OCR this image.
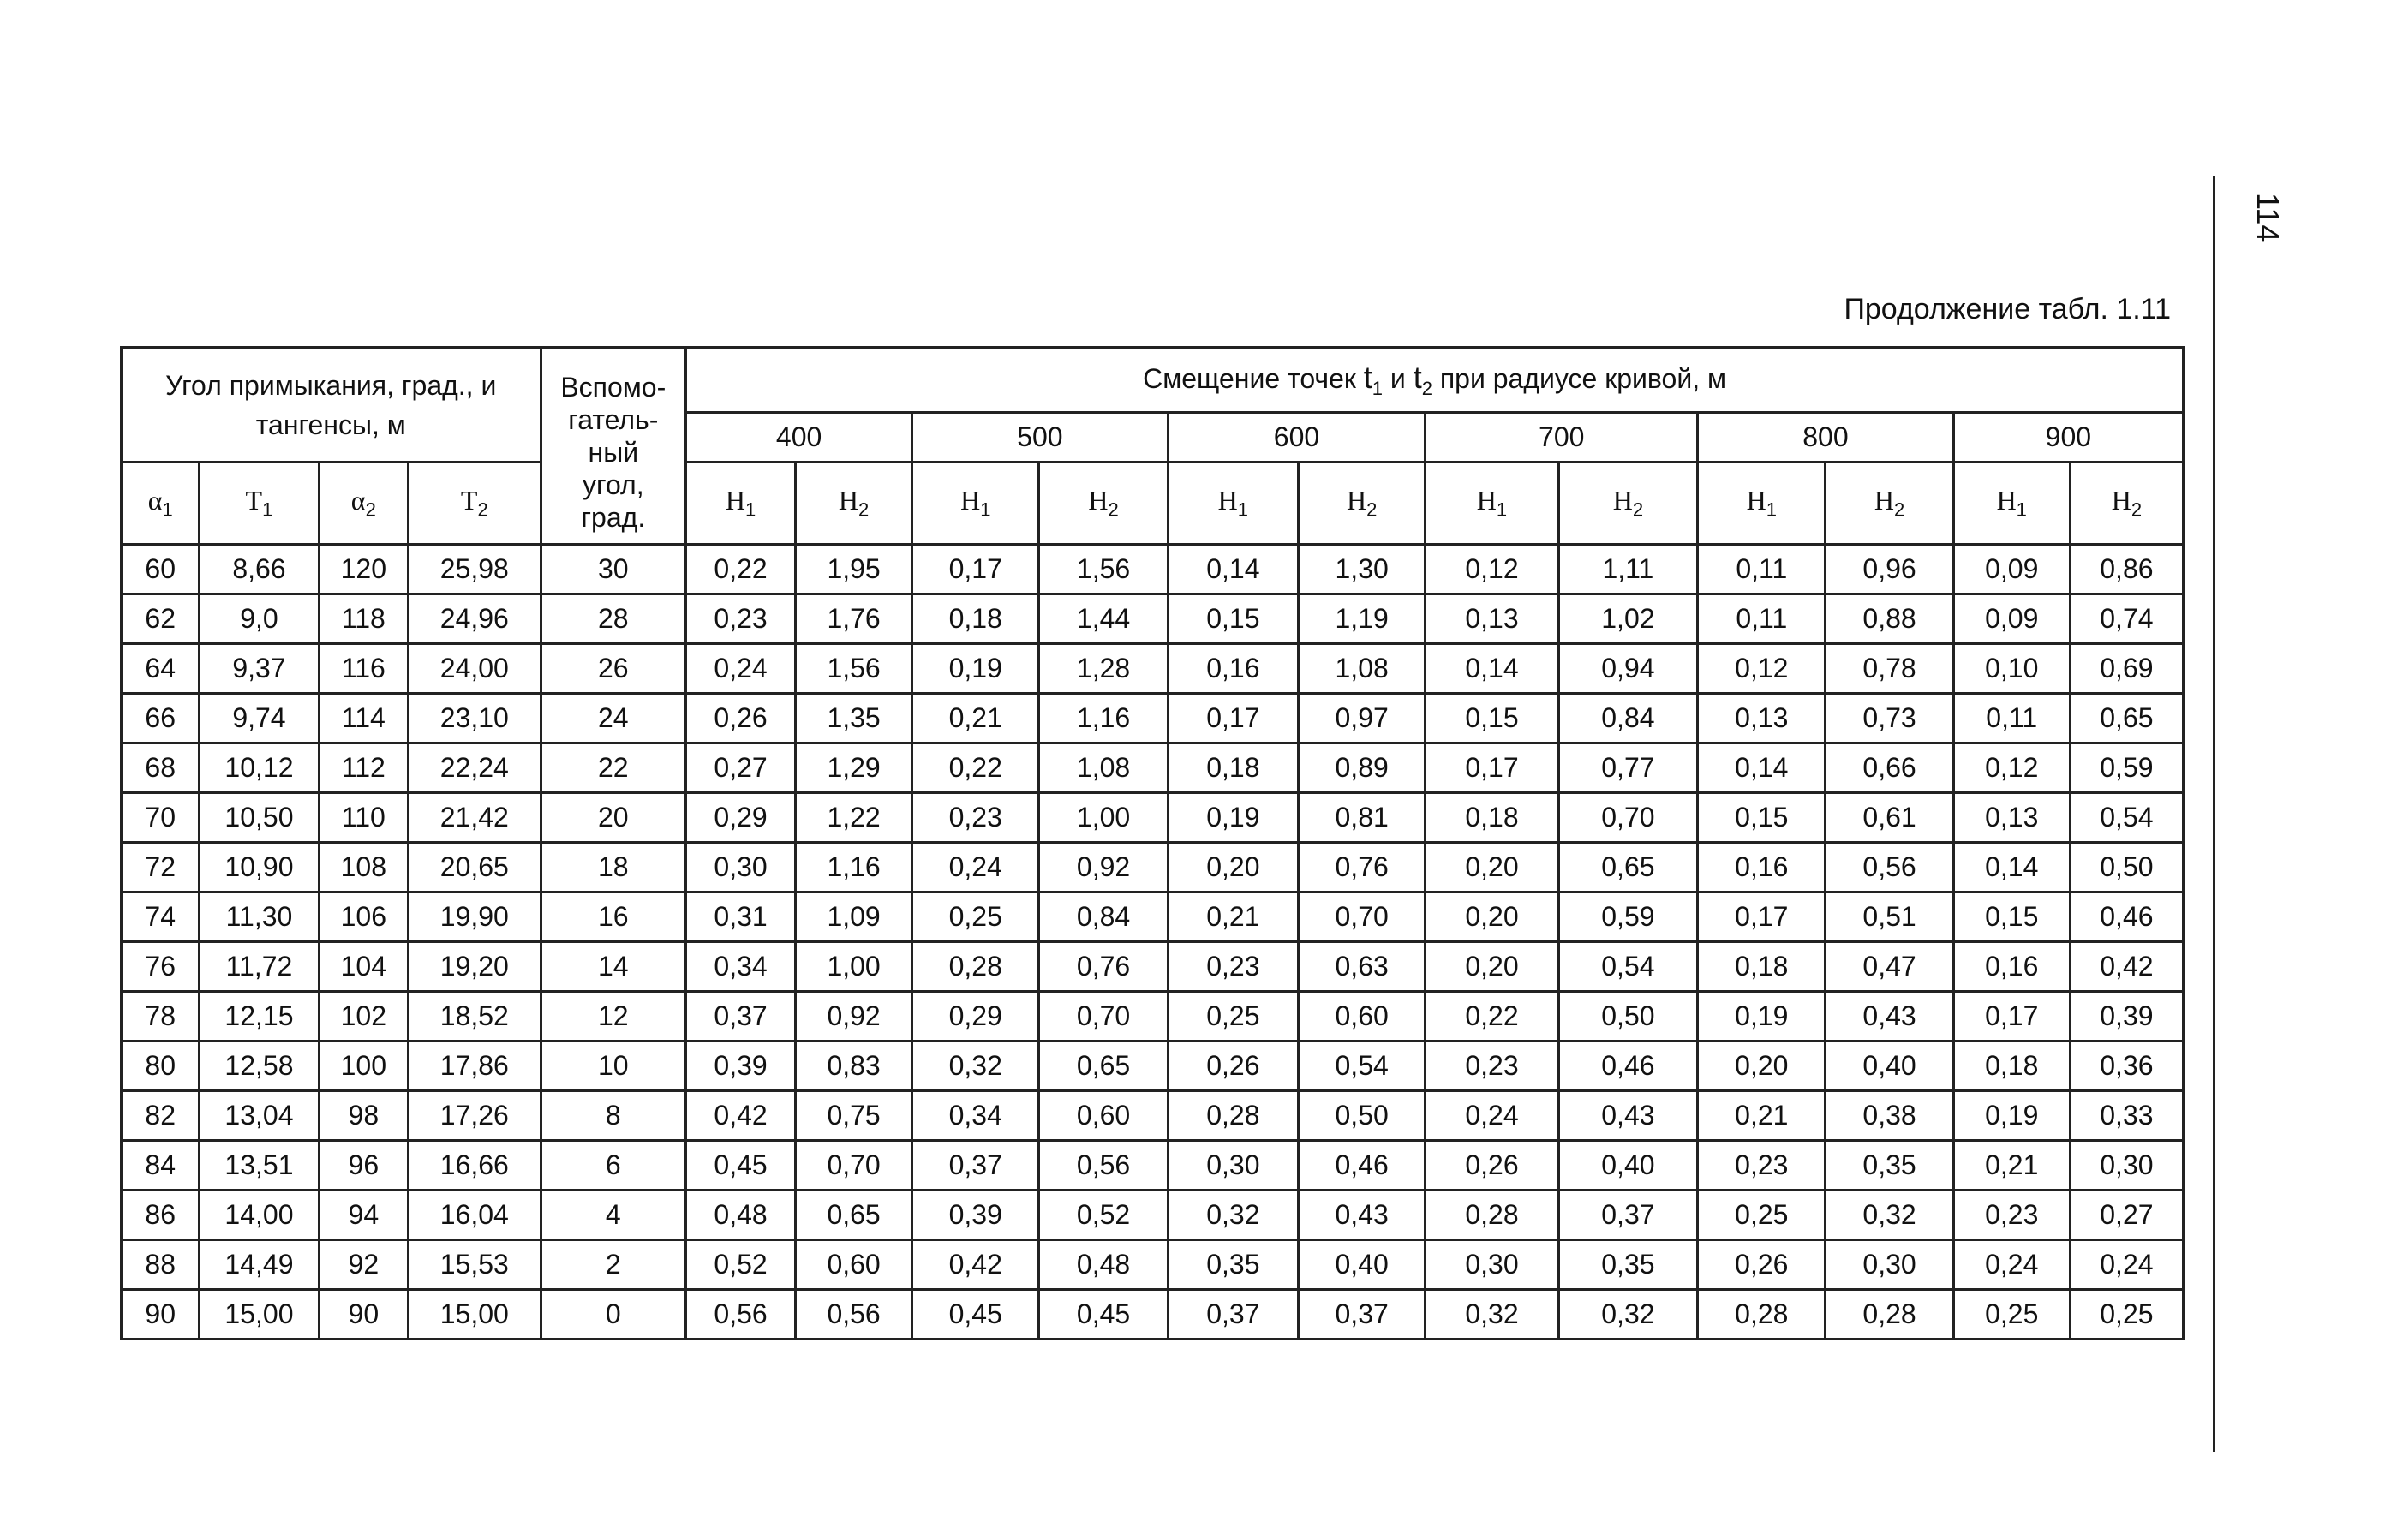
114
Продолжение табл. 1.11
Угол примыкания, град., и тангенсы, м				Вспомо-гатель-ный угол, град.	Смещение точек $t_1$ и $t_2$ при радиусе кривой, м											
					400		500		600		700		800		900	
$\alpha_1$	$T_1$	$\alpha_2$	$T_2$		$H_1$	$H_2$	$H_1$	$H_2$	$H_1$	$H_2$	$H_1$	$H_2$	$H_1$	$H_2$	$H_1$	$H_2$
60	8,66	120	25,98	30	0,22	1,95	0,17	1,56	0,14	1,30	0,12	1,11	0,11	0,96	0,09	0,86
62	9,0	118	24,96	28	0,23	1,76	0,18	1,44	0,15	1,19	0,13	1,02	0,11	0,88	0,09	0,74
64	9,37	116	24,00	26	0,24	1,56	0,19	1,28	0,16	1,08	0,14	0,94	0,12	0,78	0,10	0,69
66	9,74	114	23,10	24	0,26	1,35	0,21	1,16	0,17	0,97	0,15	0,84	0,13	0,73	0,11	0,65
68	10,12	112	22,24	22	0,27	1,29	0,22	1,08	0,18	0,89	0,17	0,77	0,14	0,66	0,12	0,59
70	10,50	110	21,42	20	0,29	1,22	0,23	1,00	0,19	0,81	0,18	0,70	0,15	0,61	0,13	0,54
72	10,90	108	20,65	18	0,30	1,16	0,24	0,92	0,20	0,76	0,20	0,65	0,16	0,56	0,14	0,50
74	11,30	106	19,90	16	0,31	1,09	0,25	0,84	0,21	0,70	0,20	0,59	0,17	0,51	0,15	0,46
76	11,72	104	19,20	14	0,34	1,00	0,28	0,76	0,23	0,63	0,20	0,54	0,18	0,47	0,16	0,42
78	12,15	102	18,52	12	0,37	0,92	0,29	0,70	0,25	0,60	0,22	0,50	0,19	0,43	0,17	0,39
80	12,58	100	17,86	10	0,39	0,83	0,32	0,65	0,26	0,54	0,23	0,46	0,20	0,40	0,18	0,36
82	13,04	98	17,26	8	0,42	0,75	0,34	0,60	0,28	0,50	0,24	0,43	0,21	0,38	0,19	0,33
84	13,51	96	16,66	6	0,45	0,70	0,37	0,56	0,30	0,46	0,26	0,40	0,23	0,35	0,21	0,30
86	14,00	94	16,04	4	0,48	0,65	0,39	0,52	0,32	0,43	0,28	0,37	0,25	0,32	0,23	0,27
88	14,49	92	15,53	2	0,52	0,60	0,42	0,48	0,35	0,40	0,30	0,35	0,26	0,30	0,24	0,24
90	15,00	90	15,00	0	0,56	0,56	0,45	0,45	0,37	0,37	0,32	0,32	0,28	0,28	0,25	0,25
